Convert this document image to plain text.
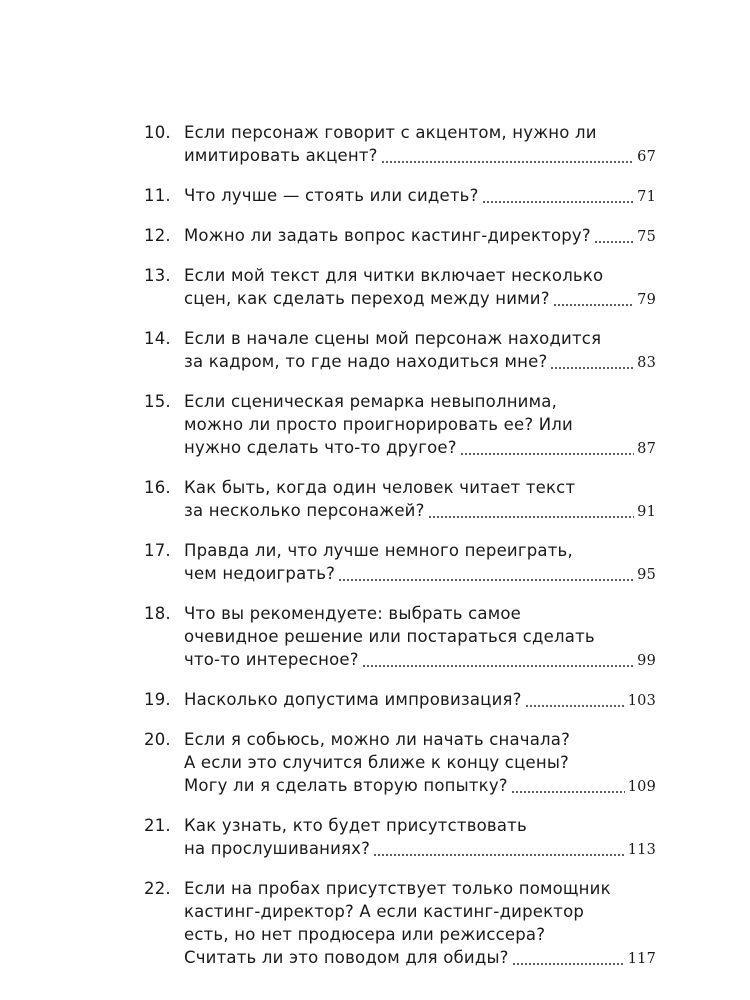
10. Если персонаж говорит с акцентом, нужно ли
имитировать акцент?	67
11. Что лучше — стоять или сидеть?	71
12. Можно ли задать вопрос кастинг-директору?	75
13. Если мой текст для читки включает несколько
сцен, как сделать переход между ними?	79
14. Если в начале сцены мой персонаж находится
за кадром, то где надо находиться мне?	83
15. Если сценическая ремарка невыполнима,
можно ли просто проигнорировать ее? Или
нужно сделать что-то другое?	87
16. Как быть, когда один человек читает текст
за несколько персонажей?	91
17. Правда ли, что лучше немного переиграть,
чем недоиграть?	95
18. Что вы рекомендуете: выбрать самое
очевидное решение или постараться сделать
что-то интересное?	99
19. Насколько допустима импровизация?	103
20. Если я собьюсь, можно ли начать сначала?
А если это случится ближе к концу сцены?
Могу ли я сделать вторую попытку?	109
21. Как узнать, кто будет присутствовать
на прослушиваниях?	113
22. Если на пробах присутствует только помощник
кастинг-директор? А если кастинг-директор
есть, но нет продюсера или режиссера?
Считать ли это поводом для обиды?	117
